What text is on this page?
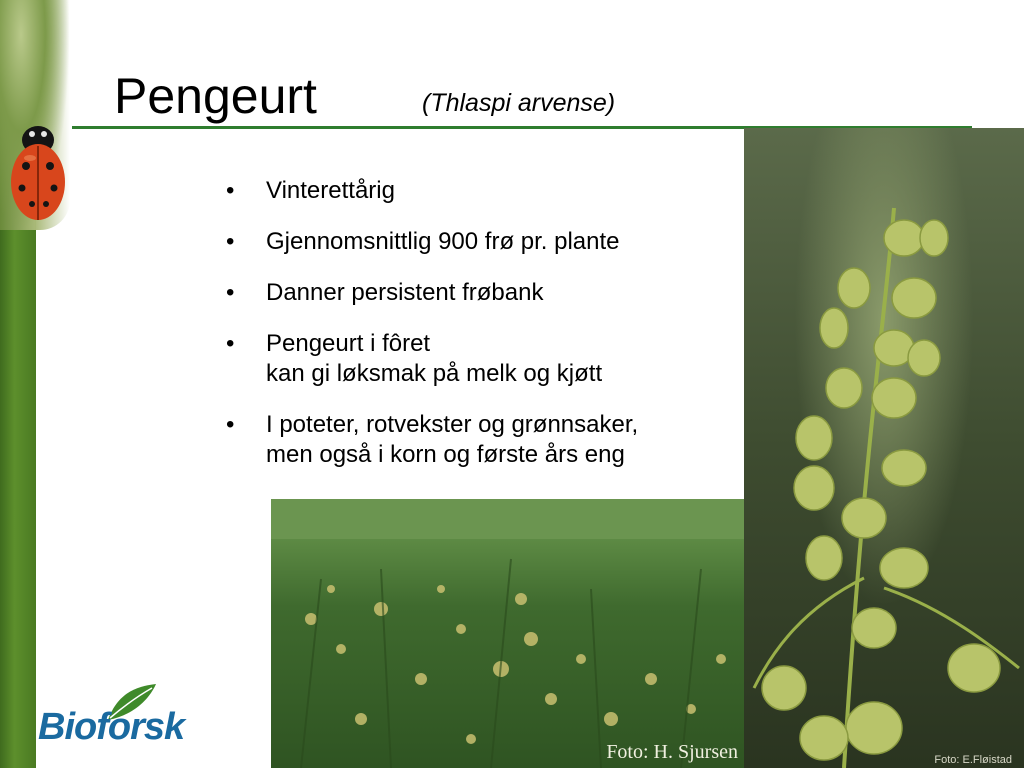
Pengeurt	(Thlaspi arvense)
• Vinterettårig
• Gjennomsnittlig 900 frø pr. plante
• Danner persistent frøbank
• Pengeurt i fôret
kan gi løksmak på melk og kjøtt
• I poteter, rotvekster og grønnsaker,
men også i korn og første års eng
Foto: H. Sjursen	Foto: E.Fløistad
Bioforsk
